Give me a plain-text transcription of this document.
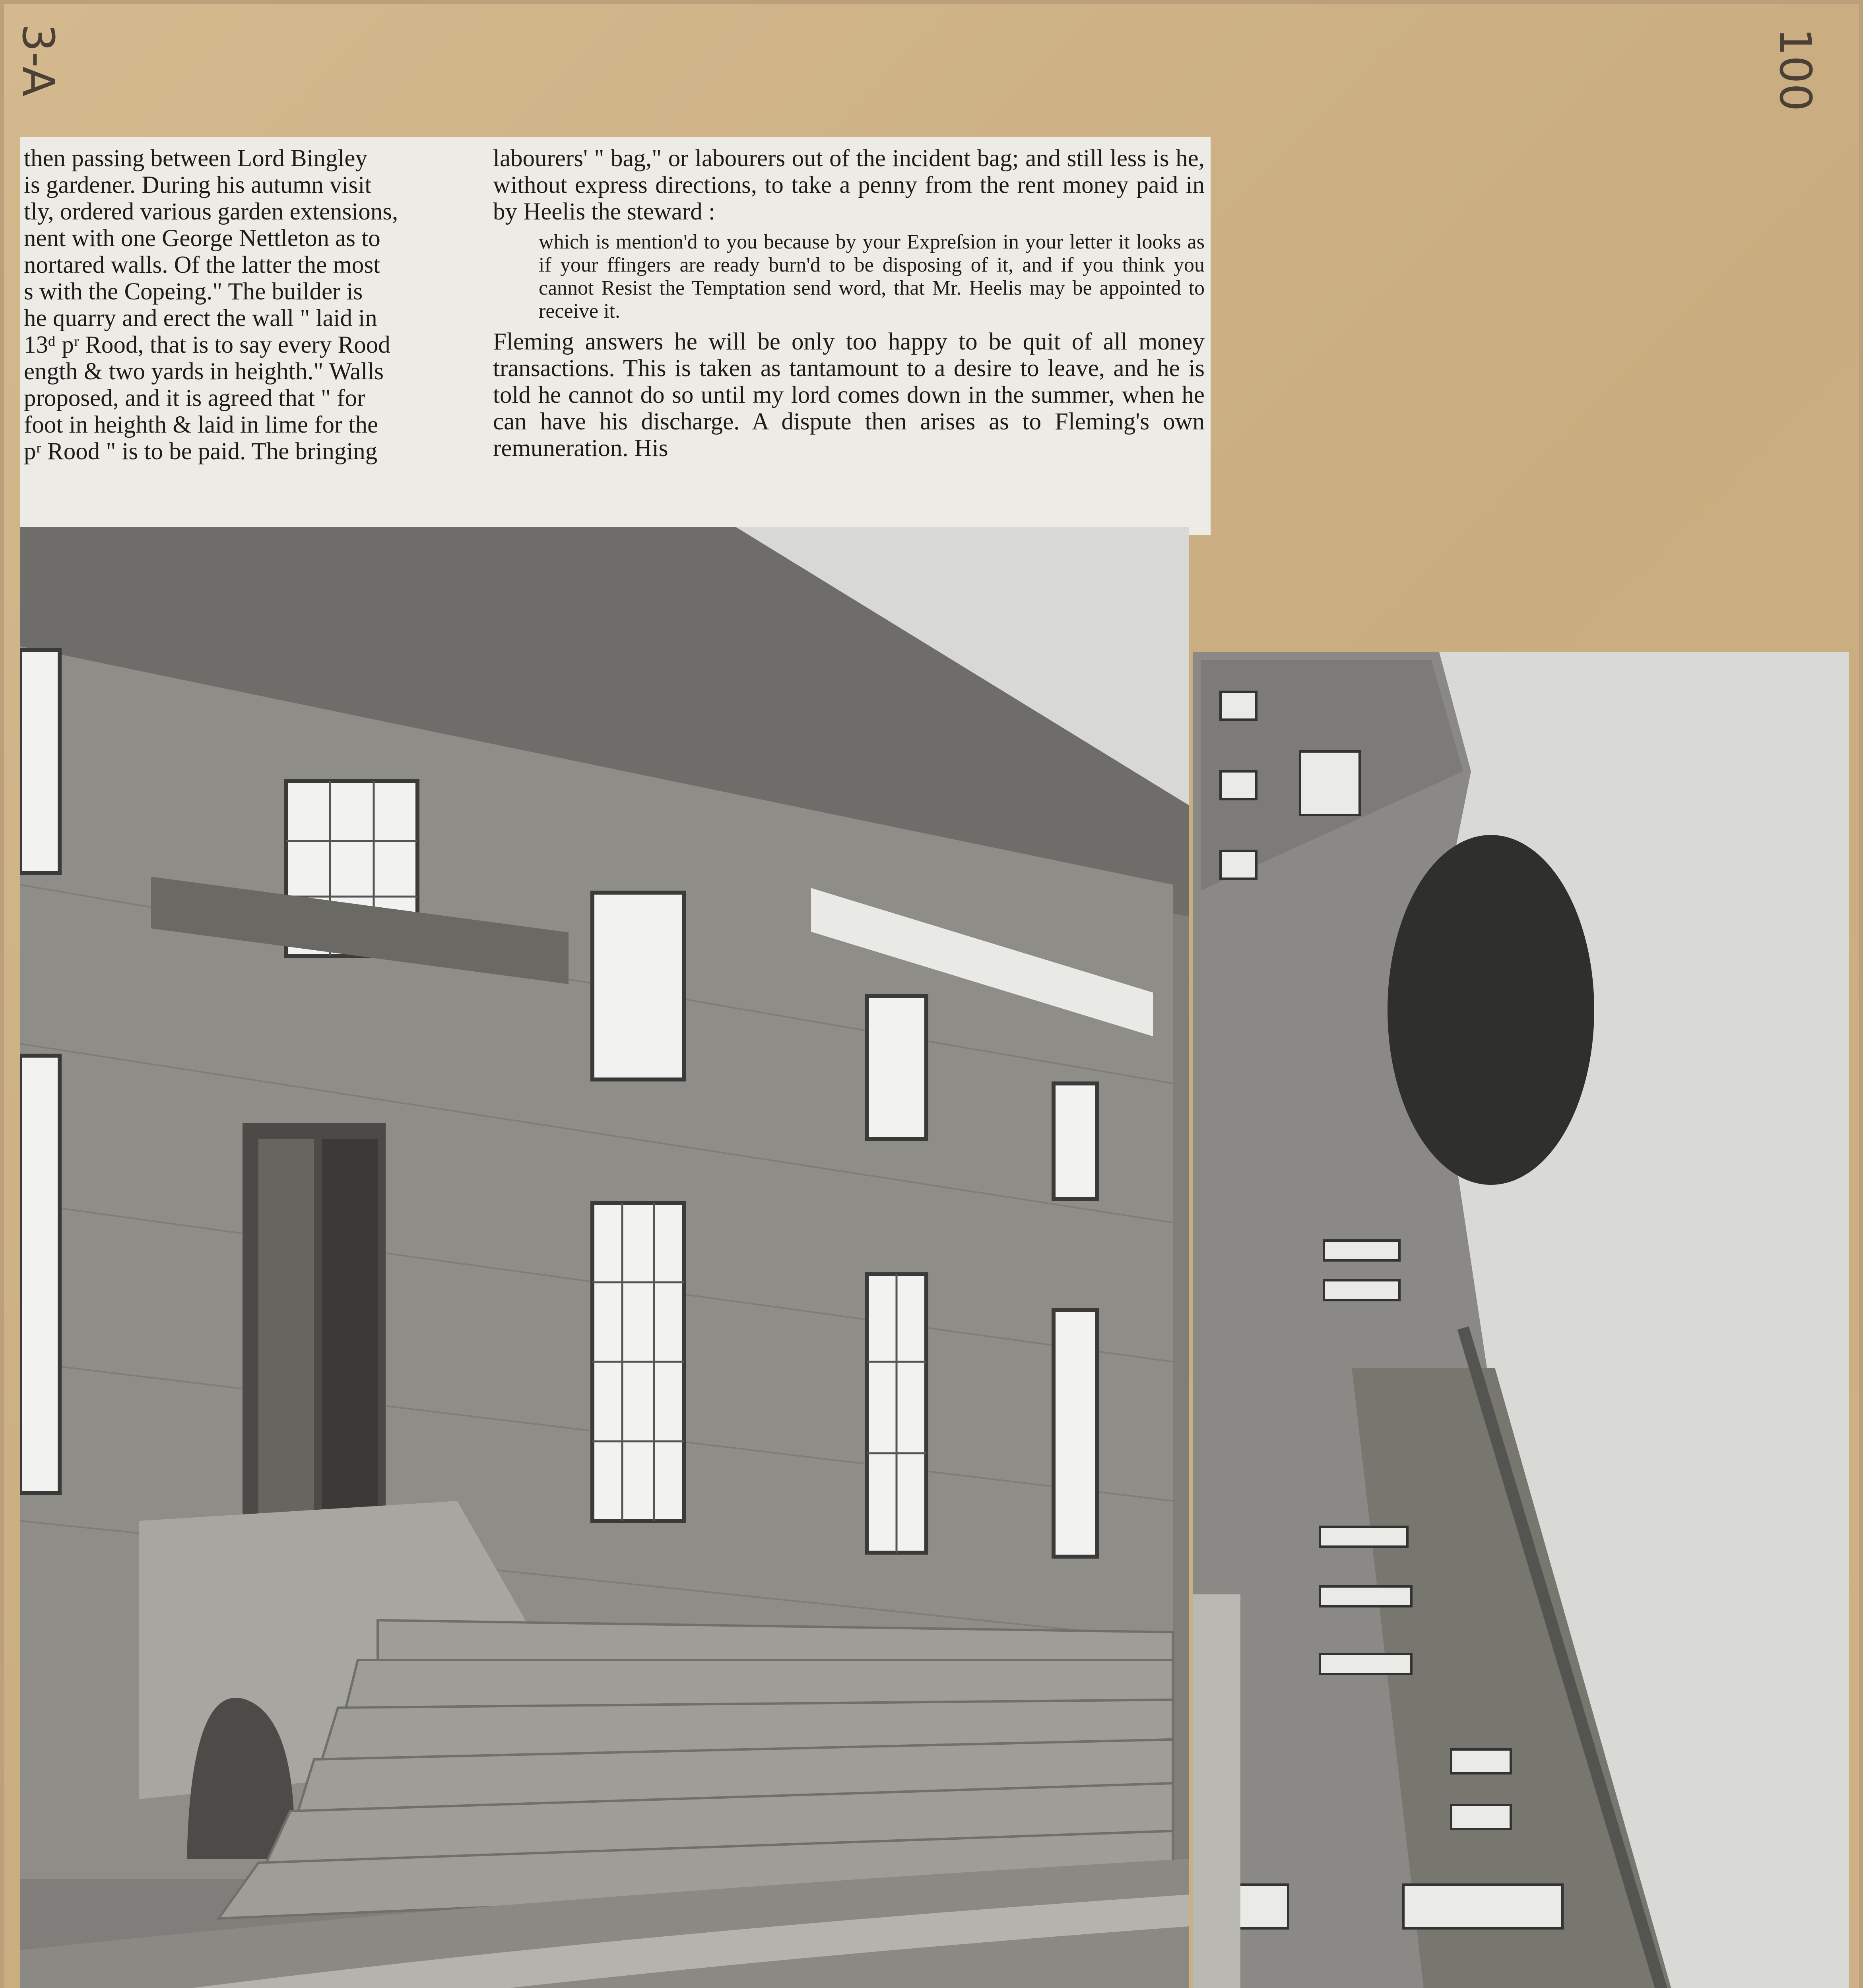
3-A	100

then passing between Lord Bingley

is gardener. During his autumn visit

tly, ordered various garden extensions,

nent with one George Nettleton as to

nortared walls. Of the latter the most

s with the Copeing." The builder is

he quarry and erect the wall " laid in

13ᵈ pʳ Rood, that is to say every Rood

ength & two yards in heighth." Walls

proposed, and it is agreed that " for

foot in heighth & laid in lime for the

pʳ Rood " is to be paid. The bringing

labourers' " bag," or labourers out of the incident bag; and still less is he, without express directions, to take a penny from the rent money paid in by Heelis the steward :

which is mention'd to you because by your Expreſsion in your letter it looks as if your ffingers are ready burn'd to be disposing of it, and if you think you cannot Resist the Temptation send word, that Mr. Heelis may be appointed to receive it.

Fleming answers he will be only too happy to be quit of all money transactions. This is taken as tantamount to a desire to leave, and he is told he cannot do so until my lord comes down in the summer, when he can have his discharge. A dispute then arises as to Fleming's own remuneration. His
